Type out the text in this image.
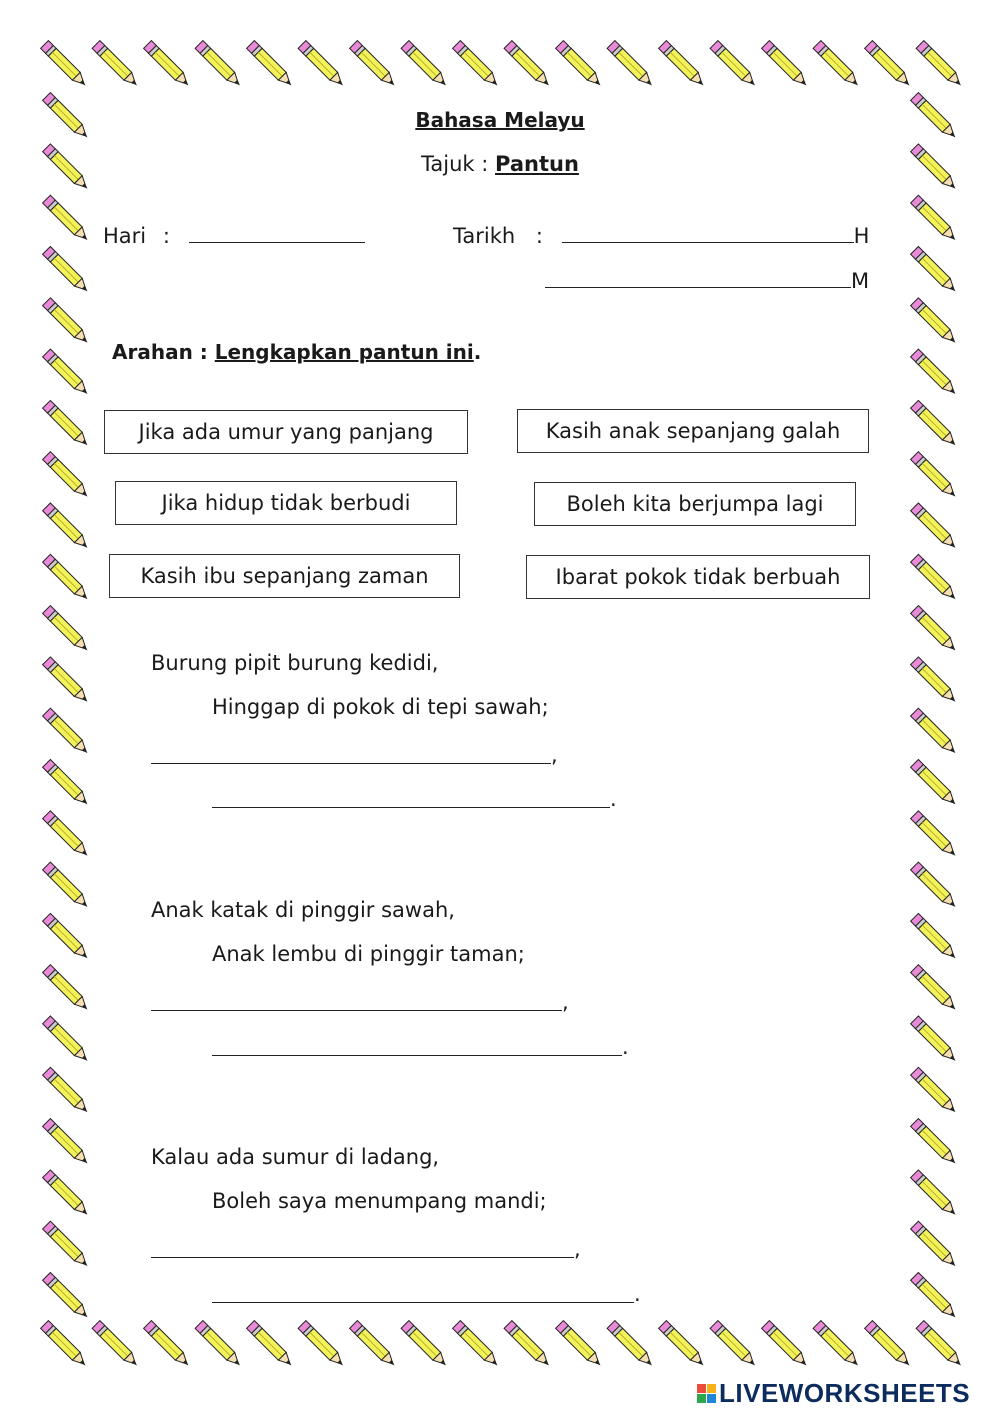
Bahasa Melayu
Tajuk : Pantun
Hari :	Tarikh :	H
M
Arahan : Lengkapkan pantun ini.
Jika ada umur yang panjang	Kasih anak sepanjang galah
Jika hidup tidak berbudi	Boleh kita berjumpa lagi
Kasih ibu sepanjang zaman	Ibarat pokok tidak berbuah
Burung pipit burung kedidi,
Hinggap di pokok di tepi sawah;
,
.
Anak katak di pinggir sawah,
Anak lembu di pinggir taman;
,
.
Kalau ada sumur di ladang,
Boleh saya menumpang mandi;
,
.
LIVEWORKSHEETS
